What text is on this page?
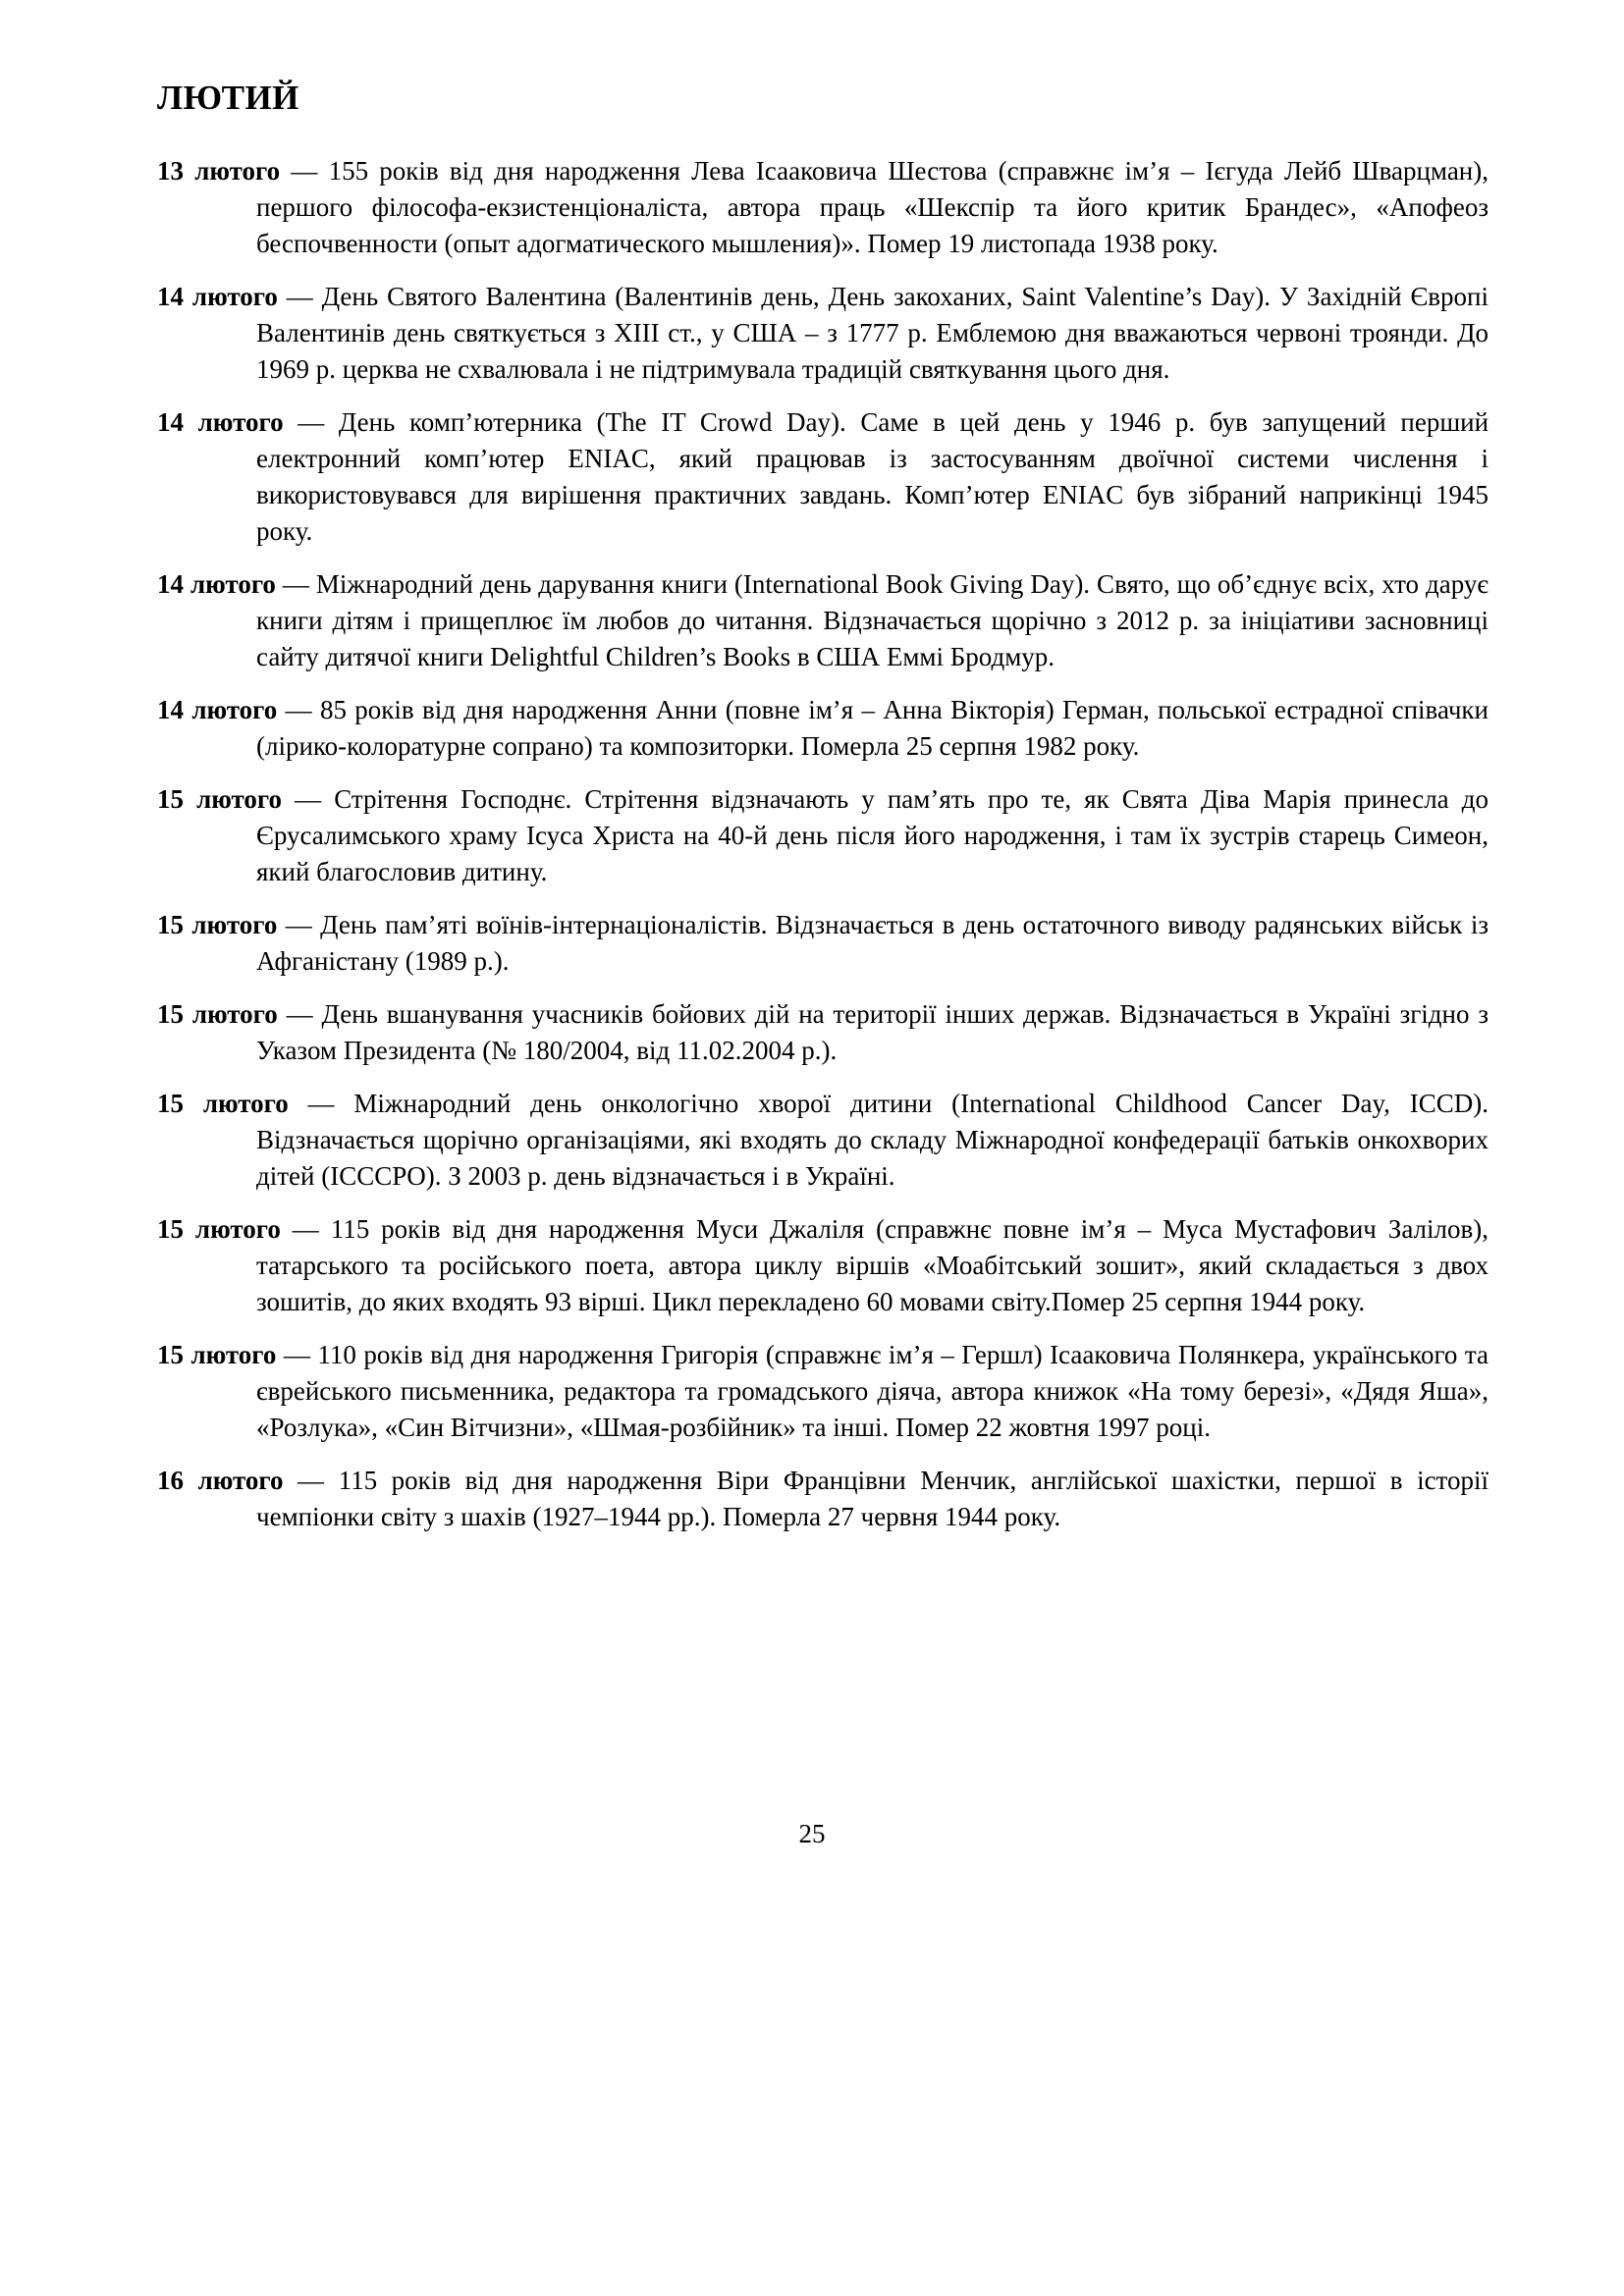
ЛЮТИЙ

13 лютого — 155 років від дня народження Лева Ісааковича Шестова (справжнє ім’я – Ієгуда Лейб Шварцман), першого філософа-екзистенціоналіста, автора праць «Шекспір та його критик Брандес», «Апофеоз беспочвенности (опыт адогматического мышления)». Помер 19 листопада 1938 року.

14 лютого — День Святого Валентина (Валентинів день, День закоханих, Saint Valentine’s Day). У Західній Європі Валентинів день святкується з XIII ст., у США – з 1777 р. Емблемою дня вважаються червоні троянди. До 1969 р. церква не схвалювала і не підтримувала традицій святкування цього дня.

14 лютого — День комп’ютерника (The IT Crowd Day). Саме в цей день у 1946 р. був запущений перший електронний комп’ютер ENIAC, який працював із застосуванням двоїчної системи числення і використовувався для вирішення практичних завдань. Комп’ютер ENIAC був зібраний наприкінці 1945 року.

14 лютого — Міжнародний день дарування книги (International Book Giving Day). Свято, що об’єднує всіх, хто дарує книги дітям і прищеплює їм любов до читання. Відзначається щорічно з 2012 р. за ініціативи засновниці сайту дитячої книги Delightful Children’s Books в США Еммі Бродмур.

14 лютого — 85 років від дня народження Анни (повне ім’я – Анна Вікторія) Герман, польської естрадної співачки (лірико-колоратурне сопрано) та композиторки. Померла 25 серпня 1982 року.

15 лютого — Стрітення Господнє. Стрітення відзначають у пам’ять про те, як Свята Діва Марія принесла до Єрусалимського храму Ісуса Христа на 40-й день після його народження, і там їх зустрів старець Симеон, який благословив дитину.

15 лютого — День пам’яті воїнів-інтернаціоналістів. Відзначається в день остаточного виводу радянських військ із Афганістану (1989 р.).

15 лютого — День вшанування учасників бойових дій на території інших держав. Відзначається в Україні згідно з Указом Президента (№ 180/2004, від 11.02.2004 р.).

15 лютого — Міжнародний день онкологічно хворої дитини (International Childhood Cancer Day, ICCD). Відзначається щорічно організаціями, які входять до складу Міжнародної конфедерації батьків онкохворих дітей (ICCCPO). З 2003 р. день відзначається і в Україні.

15 лютого — 115 років від дня народження Муси Джаліля (справжнє повне ім’я – Муса Мустафович Залілов), татарського та російського поета, автора циклу віршів «Моабітський зошит», який складається з двох зошитів, до яких входять 93 вірші. Цикл перекладено 60 мовами світу.Помер 25 серпня 1944 року.

15 лютого — 110 років від дня народження Григорія (справжнє ім’я – Гершл) Ісааковича Полянкера, українського та єврейського письменника, редактора та громадського діяча, автора книжок «На тому березі», «Дядя Яша», «Розлука», «Син Вітчизни», «Шмая-розбійник» та інші. Помер 22 жовтня 1997 році.

16 лютого — 115 років від дня народження Віри Францівни Менчик, англійської шахістки, першої в історії чемпіонки світу з шахів (1927–1944 рр.). Померла 27 червня 1944 року.

25
